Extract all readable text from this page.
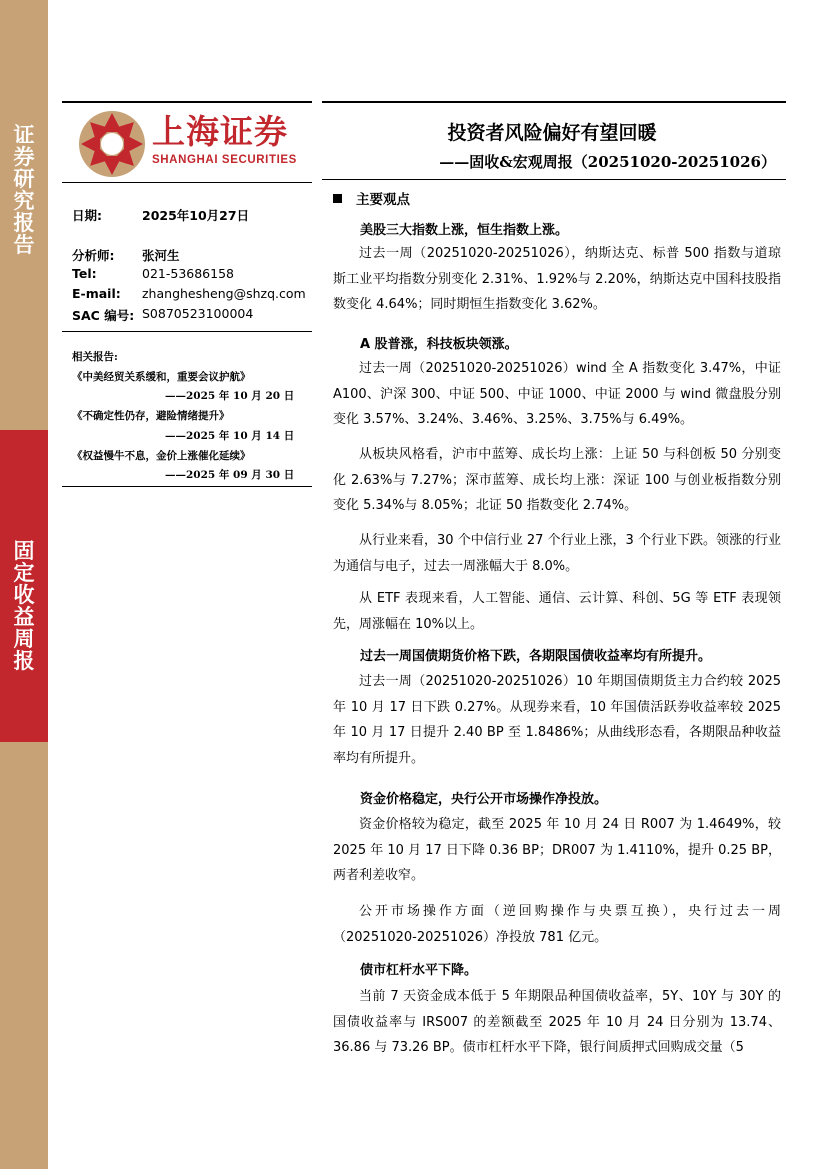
证
券
研
究
报
告
固
定
收
益
周
报
上海证券
SHANGHAI SECURITIES
投资者风险偏好有望回暖
——固收&宏观周报（20251020-20251026）
日期:	2025年10月27日
分析师: 张河生
Tel:	021-53686158
E-mail: zhanghesheng@shzq.com
SAC 编号: S0870523100004
相关报告:
《中美经贸关系缓和，重要会议护航》
——2025 年 10 月 20 日
《不确定性仍存，避险情绪提升》
——2025 年 10 月 14 日
《权益慢牛不息，金价上涨催化延续》
——2025 年 09 月 30 日
主要观点
美股三大指数上涨，恒生指数上涨。
过去一周（20251020-20251026），纳斯达克、标普 500 指数与道琼斯工业平均指数分别变化 2.31%、1.92%与 2.20%，纳斯达克中国科技股指数变化 4.64%；同时期恒生指数变化 3.62%。
A 股普涨，科技板块领涨。
过去一周（20251020-20251026）wind 全 A 指数变化 3.47%，中证 A100、沪深 300、中证 500、中证 1000、中证 2000 与 wind 微盘股分别变化 3.57%、3.24%、3.46%、3.25%、3.75%与 6.49%。
从板块风格看，沪市中蓝筹、成长均上涨：上证 50 与科创板 50 分别变化 2.63%与 7.27%；深市蓝筹、成长均上涨：深证 100 与创业板指数分别变化 5.34%与 8.05%；北证 50 指数变化 2.74%。
从行业来看，30 个中信行业 27 个行业上涨，3 个行业下跌。领涨的行业为通信与电子，过去一周涨幅大于 8.0%。
从 ETF 表现来看，人工智能、通信、云计算、科创、5G 等 ETF 表现领先，周涨幅在 10%以上。
过去一周国债期货价格下跌，各期限国债收益率均有所提升。
过去一周（20251020-20251026）10 年期国债期货主力合约较 2025 年 10 月 17 日下跌 0.27%。从现券来看，10 年国债活跃券收益率较 2025 年 10 月 17 日提升 2.40 BP 至 1.8486%；从曲线形态看，各期限品种收益率均有所提升。
资金价格稳定，央行公开市场操作净投放。
资金价格较为稳定，截至 2025 年 10 月 24 日 R007 为 1.4649%，较 2025 年 10 月 17 日下降 0.36 BP；DR007 为 1.4110%，提升 0.25 BP，两者利差收窄。
公开市场操作方面（逆回购操作与央票互换），央行过去一周（20251020-20251026）净投放 781 亿元。
债市杠杆水平下降。
当前 7 天资金成本低于 5 年期限品种国债收益率，5Y、10Y 与 30Y 的国债收益率与 IRS007 的差额截至 2025 年 10 月 24 日分别为 13.74、36.86 与 73.26 BP。债市杠杆水平下降，银行间质押式回购成交量（5
